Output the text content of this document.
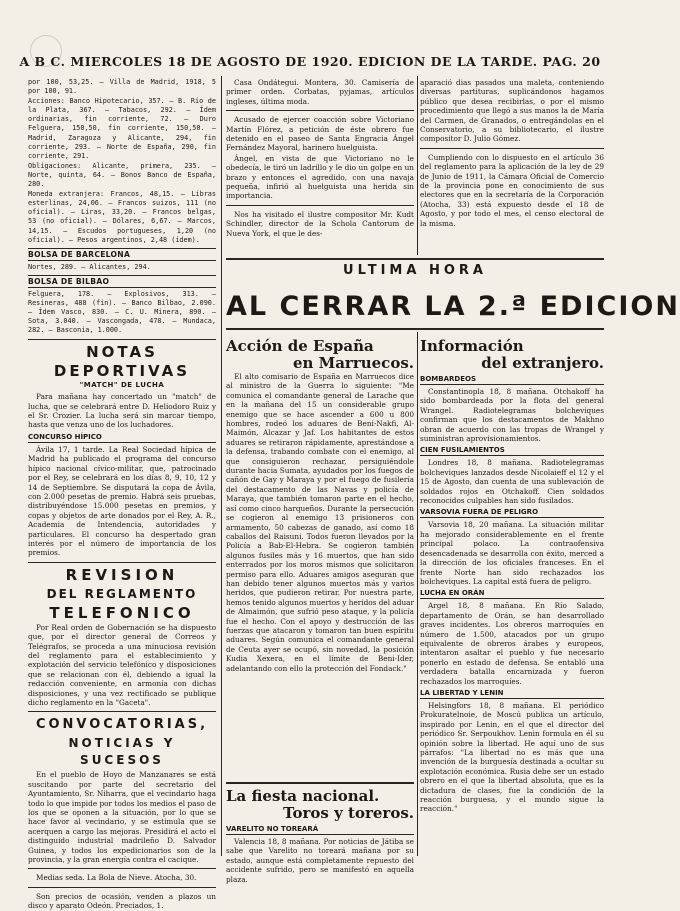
A B C. MIERCOLES 18 DE AGOSTO DE 1920. EDICION DE LA TARDE. PAG. 20

por 100, 53,25. — Villa de Madrid, 1918, 5 por 100, 91.

Acciones: Banco Hipotecario, 357. — B. Río de la Plata, 367. — Tabacos, 292. — Ídem ordinarias, fin corriente, 72. — Duro Felguera, 150,50, fin corriente, 150,50. — Madrid, Zaragoza y Alicante, 294, fin corriente, 293. — Norte de España, 290, fin corriente, 291.

Obligaciones: Alicante, primera, 235. — Norte, quinta, 64. — Bonos Banco de España, 280.

Moneda extranjera: Francos, 48,15. — Libras esterlinas, 24,06. — Francos suizos, 111 (no oficial). — Liras, 33,20. — Francos belgas, 53 (no oficial). — Dólares, 6,67. — Marcos, 14,15. — Escudos portugueses, 1,20 (no oficial). — Pesos argentinos, 2,48 (ídem).

BOLSA DE BARCELONA

Nortes, 289. — Alicantes, 294.

BOLSA DE BILBAO

Felguera, 178. — Explosivos, 313. — Resineras, 488 (fin). — Banco Bilbao, 2.090. — Ídem Vasco, 830. — C. U. Minera, 890. — Sota, 3.040. — Vascongada, 478. — Mundaca, 282. — Basconia, 1.000.

NOTAS
DEPORTIVAS
"MATCH" DE LUCHA

Para mañana hay concertado un "match" de lucha, que se celebrará entre D. Heliodoro Ruiz y el Sr. Crozier. La lucha será sin marcar tiempo, hasta que venza uno de los luchadores.

CONCURSO HÍPICO

Ávila 17, 1 tarde. La Real Sociedad hípica de Madrid ha publicado el programa del concurso hípico nacional cívico-militar, que, patrocinado por el Rey, se celebrará en los días 8, 9, 10, 12 y 14 de Septiembre. Se disputará la copa de Ávila, con 2.000 pesetas de premio. Habrá seis pruebas, distribuyéndose 15.000 pesetas en premios, y copas y objetos de arte donados por el Rey, A. R., Academia de Intendencia, autoridades y particulares. El concurso ha despertado gran interés por el número de importancia de los premios.

REVISION
DEL REGLAMENTO
TELEFONICO

Por Real orden de Gobernación se ha dispuesto que, por el director general de Correos y Telégrafos, se proceda a una minuciosa revisión del reglamento para el establecimiento y explotación del servicio telefónico y disposiciones que se relacionan con él, debiendo a igual la redacción conveniente, en armonía con dichas disposiciones, y una vez rectificado se publique dicho reglamento en la "Gaceta".

CONVOCATORIAS,
NOTICIAS Y SUCESOS

En el pueblo de Hoyo de Manzanares se está suscitando por parte del secretario del Ayuntamiento, Sr. Niharra, que el vecindario haga todo lo que impide por todos los medios el paso de los que se oponen a la situación, por lo que se hace favor al vecindario, y se estimula que se acerquen a cargo las mejoras. Presidirá el acto el distinguido industrial madrileño D. Salvador Guinea, y todos los expedicionarios son de la provincia, y la gran energía contra el cacique.

Medias seda. La Bola de Nieve. Atocha, 30.

Son precios de ocasión, venden a plazos un disco y aparato Odeón. Preciados, 1.

Casa Ondátegui. Montera, 30. Camisería de primer orden. Corbatas, pyjamas, artículos ingleses, última moda.

Acusado de ejercer coacción sobre Victoriano Martín Flórez, a petición de éste obrero fue detenido en el paseo de Santa Engracia Ángel Fernández Mayoral, harinero huelguista.

Ángel, en vista de que Victoriano no le obedecía, le tiró un ladrillo y le dio un golpe en un brazo y entonces el agredido, con una navaja pequeña, infirió al huelguista una herida sin importancia.

Nos ha visitado el ilustre compositor Mr. Kudt Schindler, director de la Schola Cantorum de Nueva York, el que le des-

aparació dias pasados una maleta, conteniendo diversas partituras, suplicándonos hagamos público que desea recibirlas, o por el mismo procedimiento que llegó a sus manos la de María del Carmen, de Granados, o entregándolas en el Conservatorio, a su bibliotecario, el ilustre compositor D. Julio Gómez.

Cumpliendo con lo dispuesto en el artículo 36 del reglamento para la aplicación de la ley de 29 de Junio de 1911, la Cámara Oficial de Comercio de la provincia pone en conocimiento de sus electores que en la secretaría de la Corporación (Atocha, 33) está expuesto desde el 18 de Agosto, y por todo el mes, el censo electoral de la misma.

ULTIMA HORA
AL CERRAR LA 2.ª EDICION
Acción de España
en Marruecos.

El alto comisario de España en Marruecos dice al ministro de la Guerra lo siguiente: "Me comunica el comandante general de Larache que en la mañana del 15 un considerable grupo enemigo que se hace ascender a 600 u 800 hombres, rodeó los aduares de Beni-Nakfi, Al-Maimón, Alcazar y Jaf. Los habitantes de estos aduares se retiraron rápidamente, aprestándose a la defensa, trabando combate con el enemigo, al que consiguieron rechazar, persiguiéndole durante hacia Sumata, ayudados por los fuegos de cañón de Gay y Maraya y por el fuego de fusilería del destacamento de las Navas y policía de Maraya, que también tomaron parte en el hecho, así como cinco harqueños. Durante la persecución se cogieron al enemigo 13 prisioneros con armamento, 50 cabezas de ganado, así como 18 caballos del Raisuni. Todos fueron llevados por la Policía a Bab-El-Hebra. Se cogieron también algunos fusiles más y 16 muertos, que han sido enterrados por los moros mismos que solicitaron permiso para ello. Aduares amigos aseguran que han debido tener algunos muertos más y varios heridos, que pudieron retirar. Por nuestra parte, hemos tenido algunos muertos y heridos del aduar de Almaimón, que sufrió peso ataque, y la policía fue el hecho. Con el apoyo y destrucción de las fuerzas que atacaron y tomaron tan buen espíritu aduares. Según comunica el comandante general de Ceuta ayer se ocupó, sin novedad, la posición Kudia Xexera, en el límite de Beni-Ider, adelantando con ello la protección del Fondack."

La fiesta nacional.
Toros y toreros.
VARELITO NO TOREARÁ

Valencia 18, 8 mañana. Por noticias de Játiba se sabe que Varelito no toreará mañana por su estado, aunque está completamente repuesto del accidente sufrido, pero se manifestó en aquella plaza.

Información
del extranjero.
BOMBARDEOS

Constantinopla 18, 8 mañana. Otchakoff ha sido bombardeada por la flota del general Wrangel. Radiotelegramas bolcheviques confirman que los destacamentos de Makhno obran de acuerdo con las tropas de Wrangel y suministran aprovisionamientos.

CIEN FUSILAMIENTOS

Londres 18, 8 mañana. Radiotelegramas bolcheviques lanzados desde Nicolaieff el 12 y el 15 de Agosto, dan cuenta de una sublevación de soldados rojos en Otchakoff. Cien soldados reconocidos culpables han sido fusilados.

VARSOVIA FUERA DE PELIGRO

Varsovia 18, 20 mañana. La situación militar ha mejorado considerablemente en el frente principal polaco. La contraofensiva desencadenada se desarrolla con éxito, merced a la dirección de los oficiales franceses. En el frente Norte han sido rechazados los bolcheviques. La capital está fuera de peligro.

LUCHA EN ORÁN

Argel 18, 8 mañana. En Río Salado, departamento de Orán, se han desarrollado graves incidentes. Los obreros marroquíes en número de 1.500, atacados por un grupo equivalente de obreros árabes y europeos, intentaron asaltar el pueblo y fue necesario ponerlo en estado de defensa. Se entabló una verdadera batalla encarnizada y fueron rechazados los marroquíes.

LA LIBERTAD Y LENIN

Helsingfors 18, 8 mañana. El periódico Prokuratelnoie, de Moscú publica un artículo, inspirado por Lenin, en el que el director del periódico Sr. Serpoukhov. Lenin formula en él su opinión sobre la libertad. He aquí uno de sus párrafos: "La libertad no es más que una invención de la burguesía destinada a ocultar su explotación económica. Rusia debe ser un estado obrero en el que la libertad absoluta, que es la dictadura de clases, fue la condición de la reacción burguesa, y el mundo sigue la reacción."
